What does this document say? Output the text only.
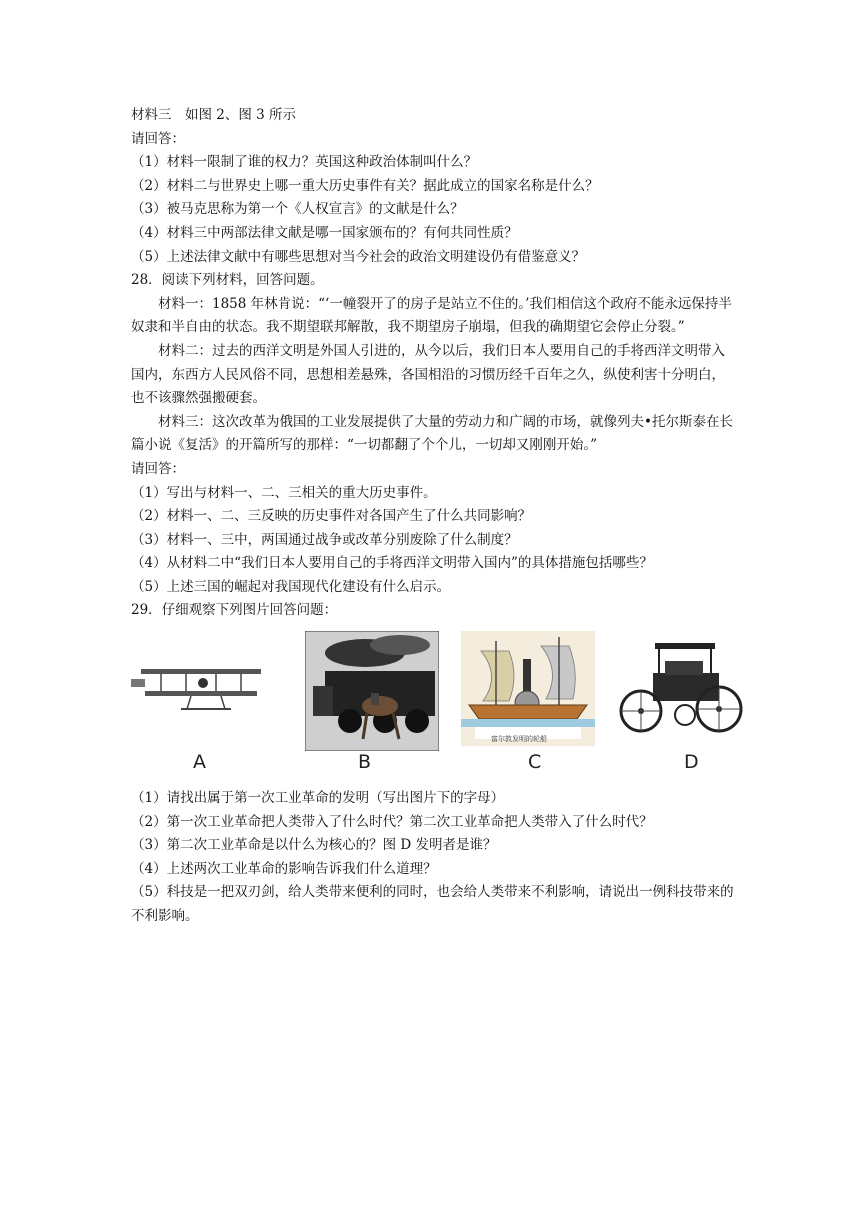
材料三　如图 2、图 3 所示
请回答：
（1）材料一限制了谁的权力？英国这种政治体制叫什么？
（2）材料二与世界史上哪一重大历史事件有关？据此成立的国家名称是什么？
（3）被马克思称为第一个《人权宣言》的文献是什么？
（4）材料三中两部法律文献是哪一国家颁布的？有何共同性质？
（5）上述法律文献中有哪些思想对当今社会的政治文明建设仍有借鉴意义？
28．阅读下列材料，回答问题。
材料一：1858 年林肯说：“‘一幢裂开了的房子是站立不住的。’我们相信这个政府不能永远保持半奴隶和半自由的状态。我不期望联邦解散，我不期望房子崩塌，但我的确期望它会停止分裂。”
材料二：过去的西洋文明是外国人引进的，从今以后，我们日本人要用自己的手将西洋文明带入国内，东西方人民风俗不同，思想相差悬殊，各国相沿的习惯历经千百年之久，纵使利害十分明白，也不该骤然强搬硬套。
材料三：这次改革为俄国的工业发展提供了大量的劳动力和广阔的市场，就像列夫•托尔斯泰在长篇小说《复活》的开篇所写的那样：“一切都翻了个个儿，一切却又刚刚开始。”
请回答：
（1）写出与材料一、二、三相关的重大历史事件。
（2）材料一、二、三反映的历史事件对各国产生了什么共同影响？
（3）材料一、三中，两国通过战争或改革分别废除了什么制度？
（4）从材料二中“我们日本人要用自己的手将西洋文明带入国内”的具体措施包括哪些？
（5）上述三国的崛起对我国现代化建设有什么启示。
29．仔细观察下列图片回答问题：
A	B
富尔敦发明的轮船
C	D
（1）请找出属于第一次工业革命的发明（写出图片下的字母）
（2）第一次工业革命把人类带入了什么时代？第二次工业革命把人类带入了什么时代？
（3）第二次工业革命是以什么为核心的？图 D 发明者是谁？
（4）上述两次工业革命的影响告诉我们什么道理？
（5）科技是一把双刃剑，给人类带来便利的同时，也会给人类带来不利影响，请说出一例科技带来的不利影响。
